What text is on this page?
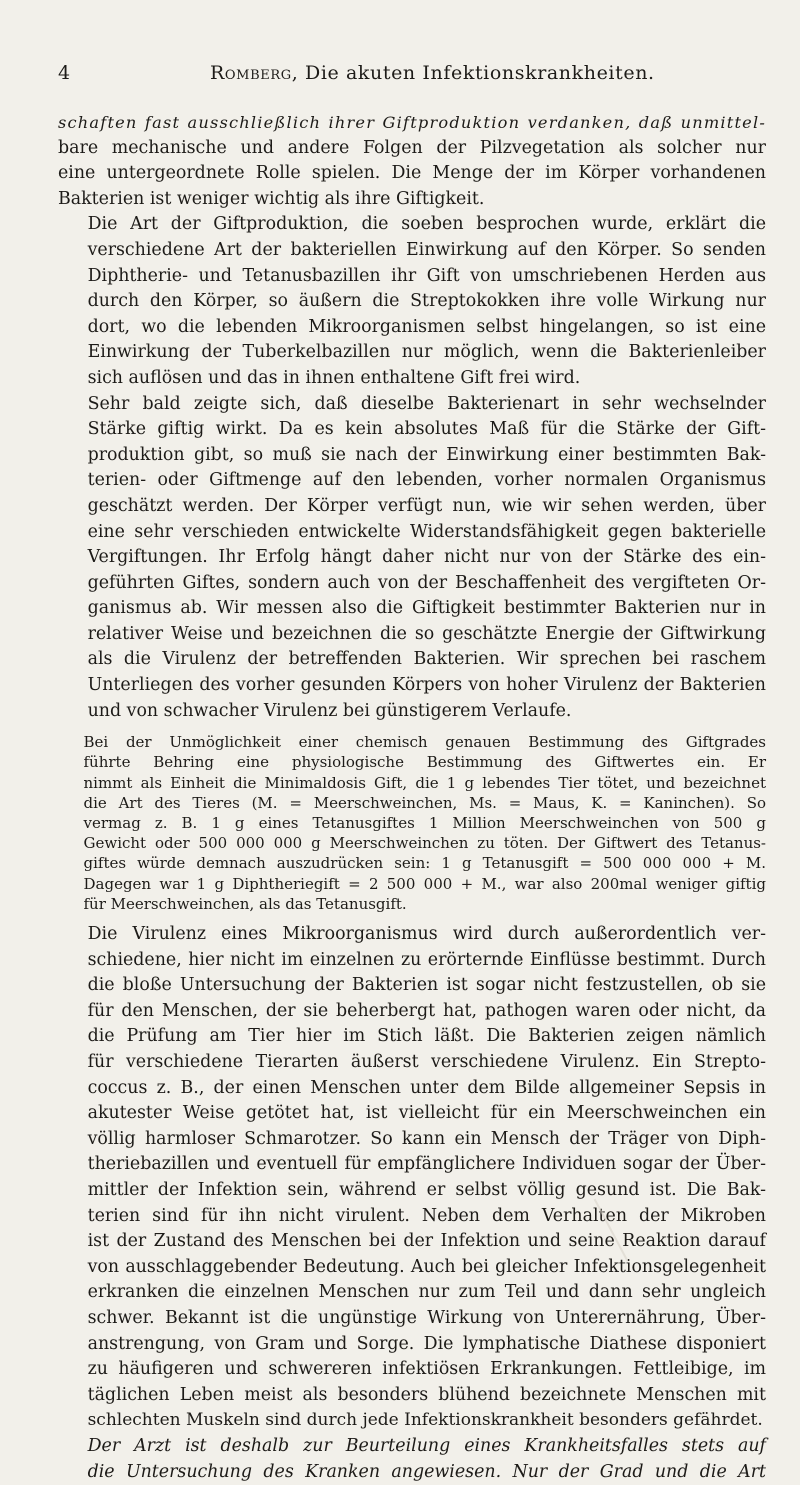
4	Romberg, Die akuten Infektionskrankheiten.

schaften fast ausschließlich ihrer Giftproduktion verdanken, daß unmittel-
bare mechanische und andere Folgen der Pilzvegetation als solcher nur
eine untergeordnete Rolle spielen. Die Menge der im Körper vorhandenen
Bakterien ist weniger wichtig als ihre Giftigkeit.

Die Art der Giftproduktion, die soeben besprochen wurde, erklärt die
verschiedene Art der bakteriellen Einwirkung auf den Körper. So senden
Diphtherie- und Tetanusbazillen ihr Gift von umschriebenen Herden aus
durch den Körper, so äußern die Streptokokken ihre volle Wirkung nur
dort, wo die lebenden Mikroorganismen selbst hingelangen, so ist eine
Einwirkung der Tuberkelbazillen nur möglich, wenn die Bakterienleiber
sich auflösen und das in ihnen enthaltene Gift frei wird.

Sehr bald zeigte sich, daß dieselbe Bakterienart in sehr wechselnder
Stärke giftig wirkt. Da es kein absolutes Maß für die Stärke der Gift-
produktion gibt, so muß sie nach der Einwirkung einer bestimmten Bak-
terien- oder Giftmenge auf den lebenden, vorher normalen Organismus
geschätzt werden. Der Körper verfügt nun, wie wir sehen werden, über
eine sehr verschieden entwickelte Widerstandsfähigkeit gegen bakterielle
Vergiftungen. Ihr Erfolg hängt daher nicht nur von der Stärke des ein-
geführten Giftes, sondern auch von der Beschaffenheit des vergifteten Or-
ganismus ab. Wir messen also die Giftigkeit bestimmter Bakterien nur in
relativer Weise und bezeichnen die so geschätzte Energie der Giftwirkung
als die Virulenz der betreffenden Bakterien. Wir sprechen bei raschem
Unterliegen des vorher gesunden Körpers von hoher Virulenz der Bakterien
und von schwacher Virulenz bei günstigerem Verlaufe.

Bei der Unmöglichkeit einer chemisch genauen Bestimmung des Giftgrades
führte Behring eine physiologische Bestimmung des Giftwertes ein. Er
nimmt als Einheit die Minimaldosis Gift, die 1 g lebendes Tier tötet, und bezeichnet
die Art des Tieres (M. = Meerschweinchen, Ms. = Maus, K. = Kaninchen). So
vermag z. B. 1 g eines Tetanusgiftes 1 Million Meerschweinchen von 500 g
Gewicht oder 500 000 000 g Meerschweinchen zu töten. Der Giftwert des Tetanus-
giftes würde demnach auszudrücken sein: 1 g Tetanusgift = 500 000 000 + M.
Dagegen war 1 g Diphtheriegift = 2 500 000 + M., war also 200mal weniger giftig
für Meerschweinchen, als das Tetanusgift.

Die Virulenz eines Mikroorganismus wird durch außerordentlich ver-
schiedene, hier nicht im einzelnen zu erörternde Einflüsse bestimmt. Durch
die bloße Untersuchung der Bakterien ist sogar nicht festzustellen, ob sie
für den Menschen, der sie beherbergt hat, pathogen waren oder nicht, da
die Prüfung am Tier hier im Stich läßt. Die Bakterien zeigen nämlich
für verschiedene Tierarten äußerst verschiedene Virulenz. Ein Strepto-
coccus z. B., der einen Menschen unter dem Bilde allgemeiner Sepsis in
akutester Weise getötet hat, ist vielleicht für ein Meerschweinchen ein
völlig harmloser Schmarotzer. So kann ein Mensch der Träger von Diph-
theriebazillen und eventuell für empfänglichere Individuen sogar der Über-
mittler der Infektion sein, während er selbst völlig gesund ist. Die Bak-
terien sind für ihn nicht virulent. Neben dem Verhalten der Mikroben
ist der Zustand des Menschen bei der Infektion und seine Reaktion darauf
von ausschlaggebender Bedeutung. Auch bei gleicher Infektionsgelegenheit
erkranken die einzelnen Menschen nur zum Teil und dann sehr ungleich
schwer. Bekannt ist die ungünstige Wirkung von Unterernährung, Über-
anstrengung, von Gram und Sorge. Die lymphatische Diathese disponiert
zu häufigeren und schwereren infektiösen Erkrankungen. Fettleibige, im
täglichen Leben meist als besonders blühend bezeichnete Menschen mit
schlechten Muskeln sind durch jede Infektionskrankheit besonders gefährdet.

Der Arzt ist deshalb zur Beurteilung eines Krankheitsfalles stets auf
die Untersuchung des Kranken angewiesen. Nur der Grad und die Art
